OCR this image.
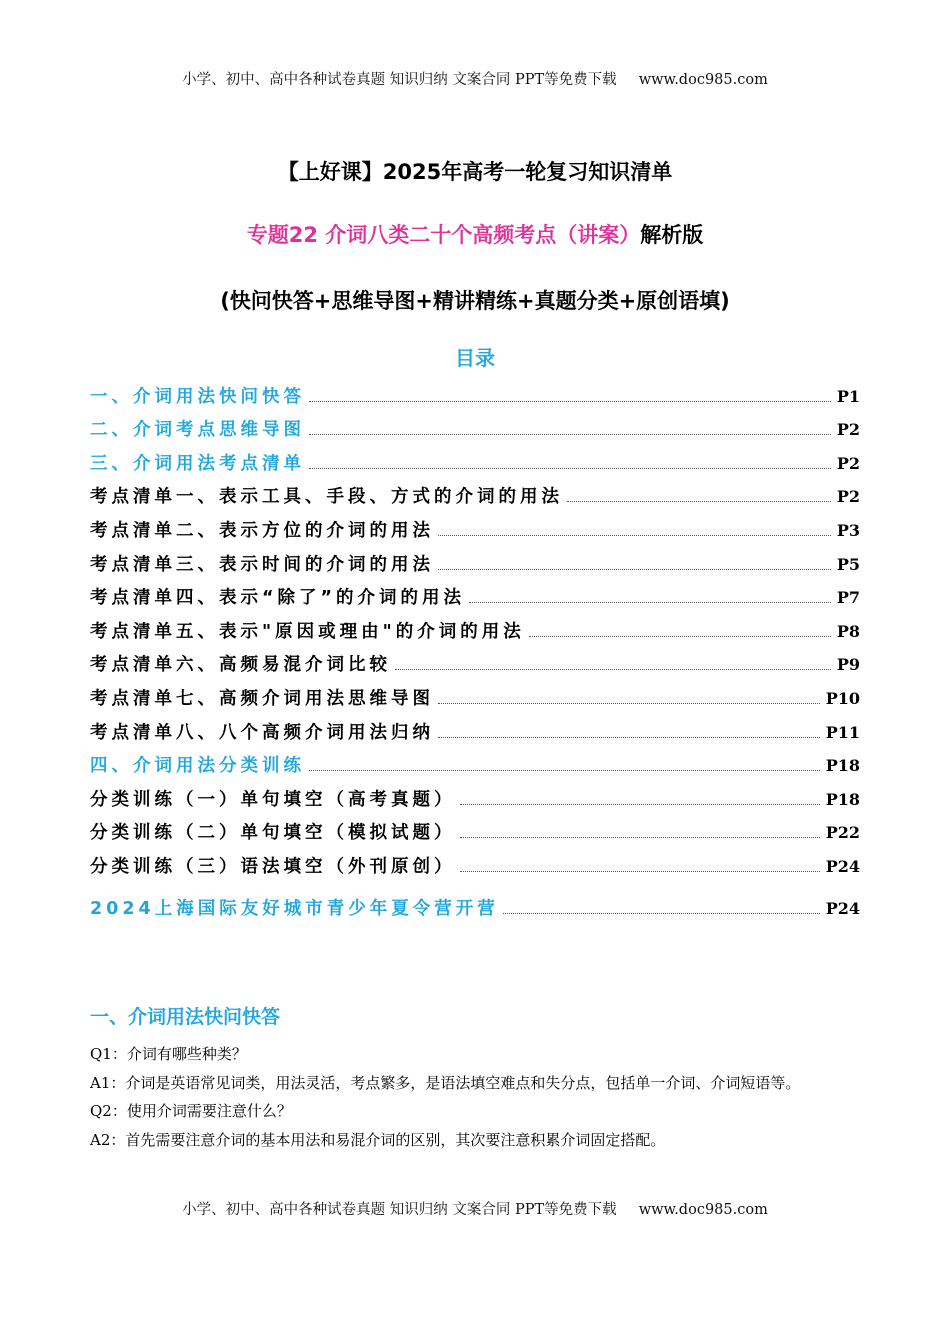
小学、初中、高中各种试卷真题 知识归纳 文案合同 PPT等免费下载 www.doc985.com
【上好课】2025年高考一轮复习知识清单
专题22 介词八类二十个高频考点（讲案）解析版
(快问快答+思维导图+精讲精练+真题分类+原创语填)
目录
一、介词用法快问快答	P1
二、介词考点思维导图	P2
三、介词用法考点清单	P2
考点清单一、表示工具、手段、方式的介词的用法	P2
考点清单二、表示方位的介词的用法	P3
考点清单三、表示时间的介词的用法	P5
考点清单四、表示“除了”的介词的用法	P7
考点清单五、表示"原因或理由"的介词的用法	P8
考点清单六、高频易混介词比较	P9
考点清单七、高频介词用法思维导图	P10
考点清单八、八个高频介词用法归纳	P11
四、介词用法分类训练	P18
分类训练（一）单句填空（高考真题）	P18
分类训练（二）单句填空（模拟试题）	P22
分类训练（三）语法填空（外刊原创）	P24
2024上海国际友好城市青少年夏令营开营	P24
一、介词用法快问快答

Q1：介词有哪些种类？

A1：介词是英语常见词类，用法灵活，考点繁多，是语法填空难点和失分点，包括单一介词、介词短语等。

Q2：使用介词需要注意什么？

A2：首先需要注意介词的基本用法和易混介词的区别，其次要注意积累介词固定搭配。

小学、初中、高中各种试卷真题 知识归纳 文案合同 PPT等免费下载 www.doc985.com
